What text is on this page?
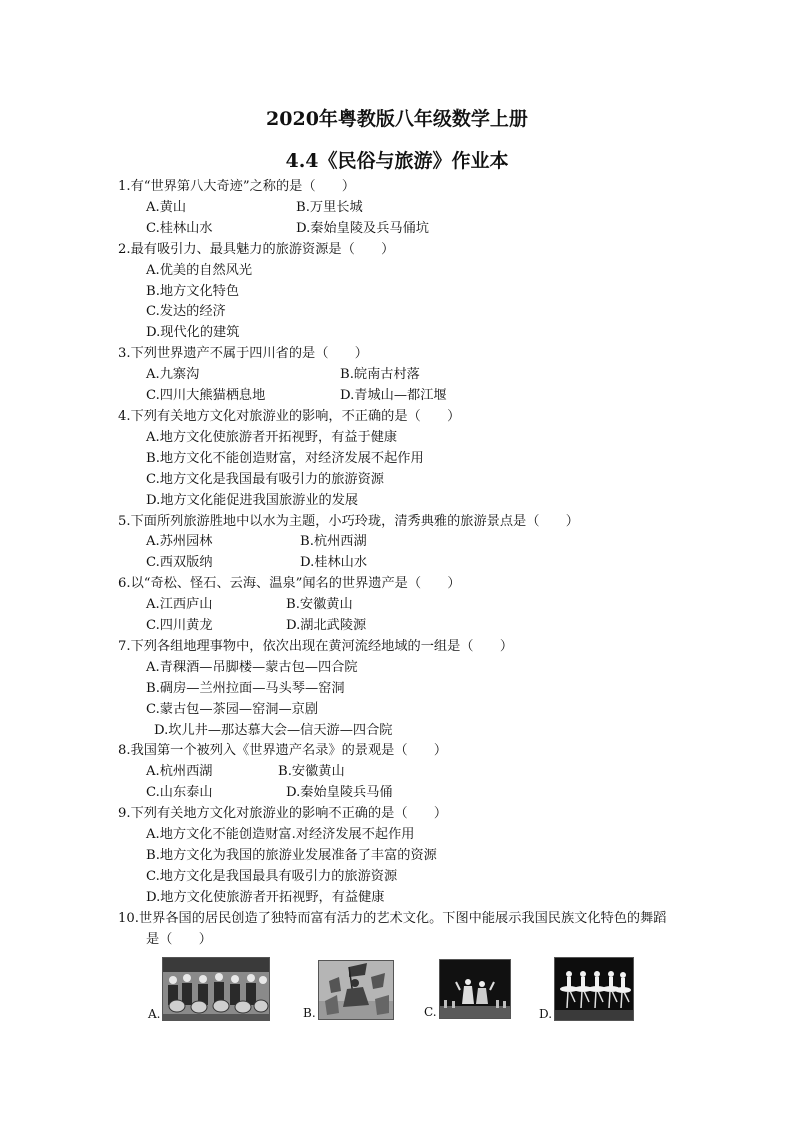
2020年粤教版八年级数学上册
4.4《民俗与旅游》作业本
1.有“世界第八大奇迹”之称的是（　　）
A.黄山	B.万里长城
C.桂林山水	D.秦始皇陵及兵马俑坑
2.最有吸引力、最具魅力的旅游资源是（　　）
A.优美的自然风光
B.地方文化特色
C.发达的经济
D.现代化的建筑
3.下列世界遗产不属于四川省的是（　　）
A.九寨沟	B.皖南古村落
C.四川大熊猫栖息地	D.青城山—都江堰
4.下列有关地方文化对旅游业的影响，不正确的是（　　）
A.地方文化使旅游者开拓视野，有益于健康
B.地方文化不能创造财富，对经济发展不起作用
C.地方文化是我国最有吸引力的旅游资源
D.地方文化能促进我国旅游业的发展
5.下面所列旅游胜地中以水为主题，小巧玲珑，清秀典雅的旅游景点是（　　）
A.苏州园林	B.杭州西湖
C.西双版纳	D.桂林山水
6.以“奇松、怪石、云海、温泉”闻名的世界遗产是（　　）
A.江西庐山	B.安徽黄山
C.四川黄龙	D.湖北武陵源
7.下列各组地理事物中，依次出现在黄河流经地域的一组是（　　）
A.青稞酒—吊脚楼—蒙古包—四合院
B.碉房—兰州拉面—马头琴—窑洞
C.蒙古包—茶园—窑洞—京剧
D.坎儿井—那达慕大会—信天游—四合院
8.我国第一个被列入《世界遗产名录》的景观是（　　）
A.杭州西湖	B.安徽黄山
C.山东泰山	D.秦始皇陵兵马俑
9.下列有关地方文化对旅游业的影响不正确的是（　　）
A.地方文化不能创造财富.对经济发展不起作用
B.地方文化为我国的旅游业发展准备了丰富的资源
C.地方文化是我国最具有吸引力的旅游资源
D.地方文化使旅游者开拓视野，有益健康
10.世界各国的居民创造了独特而富有活力的艺术文化。下图中能展示我国民族文化特色的舞蹈
是（　　）
A.	B.	C.	D.
